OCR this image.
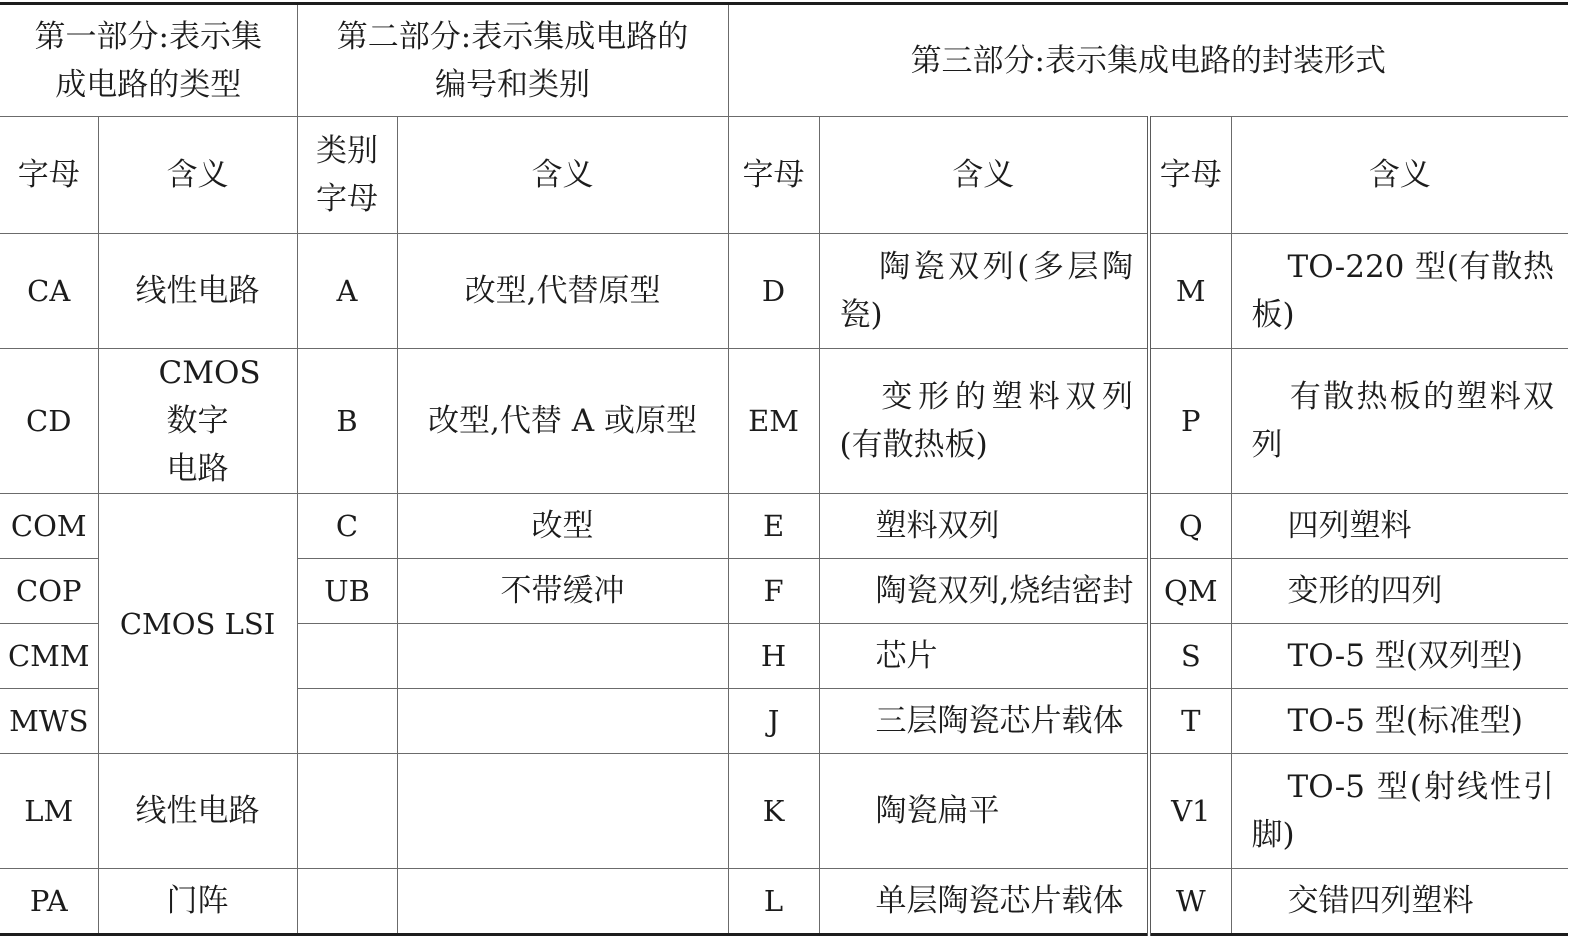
第一部分:表示集成电路的类型		第二部分:表示集成电路的编号和类别		第三部分:表示集成电路的封装形式			
字母	含义	类别字母	含义	字母	含义	字母	含义
CA	线性电路	A	改型,代替原型	D	陶瓷双列(多层陶瓷)	M	TO-220 型(有散热板)
CD	CMOS 数字电路	B	改型,代替 A 或原型	EM	变形的塑料双列(有散热板)	P	有散热板的塑料双列
COM	CMOS LSI	C	改型	E	塑料双列	Q	四列塑料
COP		UB	不带缓冲	F	陶瓷双列,烧结密封	QM	变形的四列
CMM				H	芯片	S	TO-5 型(双列型)
MWS				J	三层陶瓷芯片载体	T	TO-5 型(标准型)
LM	线性电路			K	陶瓷扁平	V1	TO-5 型(射线性引脚)
PA	门阵			L	单层陶瓷芯片载体	W	交错四列塑料
